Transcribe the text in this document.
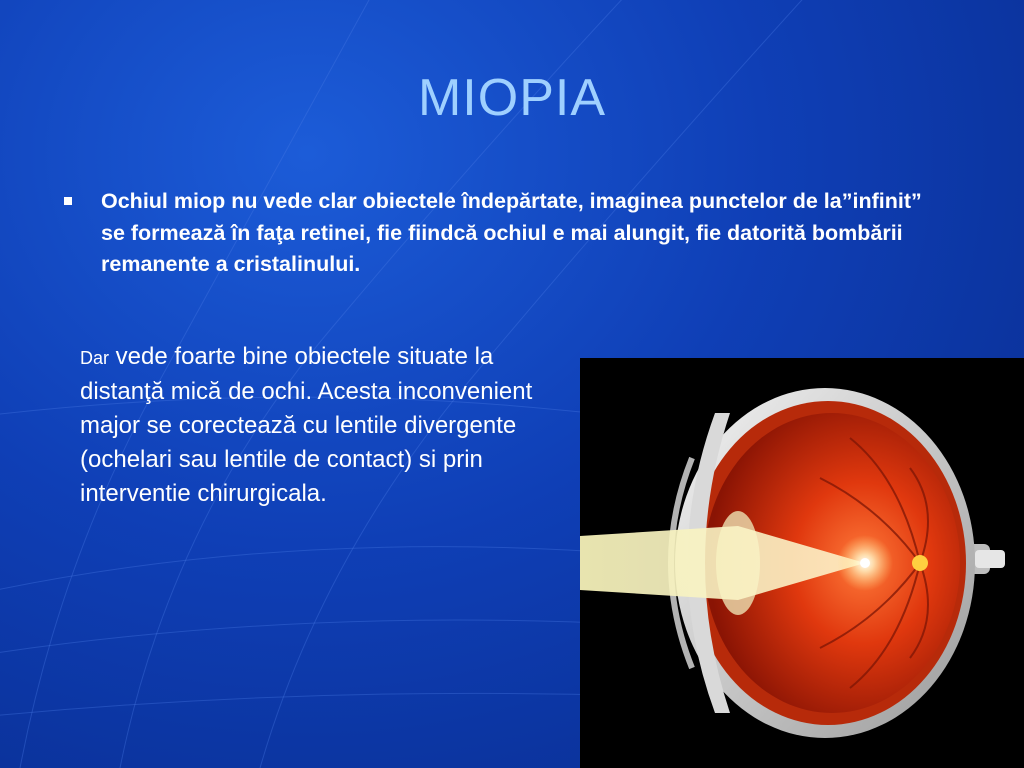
MIOPIA

Ochiul miop nu vede clar obiectele îndepărtate, imaginea punctelor de la”infinit” se formează în faţa retinei, fie fiindcă ochiul e mai alungit, fie datorită bombării remanente a cristalinului.

Dar vede foarte bine obiectele situate la distanţă mică de ochi. Acesta inconvenient major se corectează cu lentile divergente (ochelari sau lentile de contact) si prin interventie chirurgicala.
